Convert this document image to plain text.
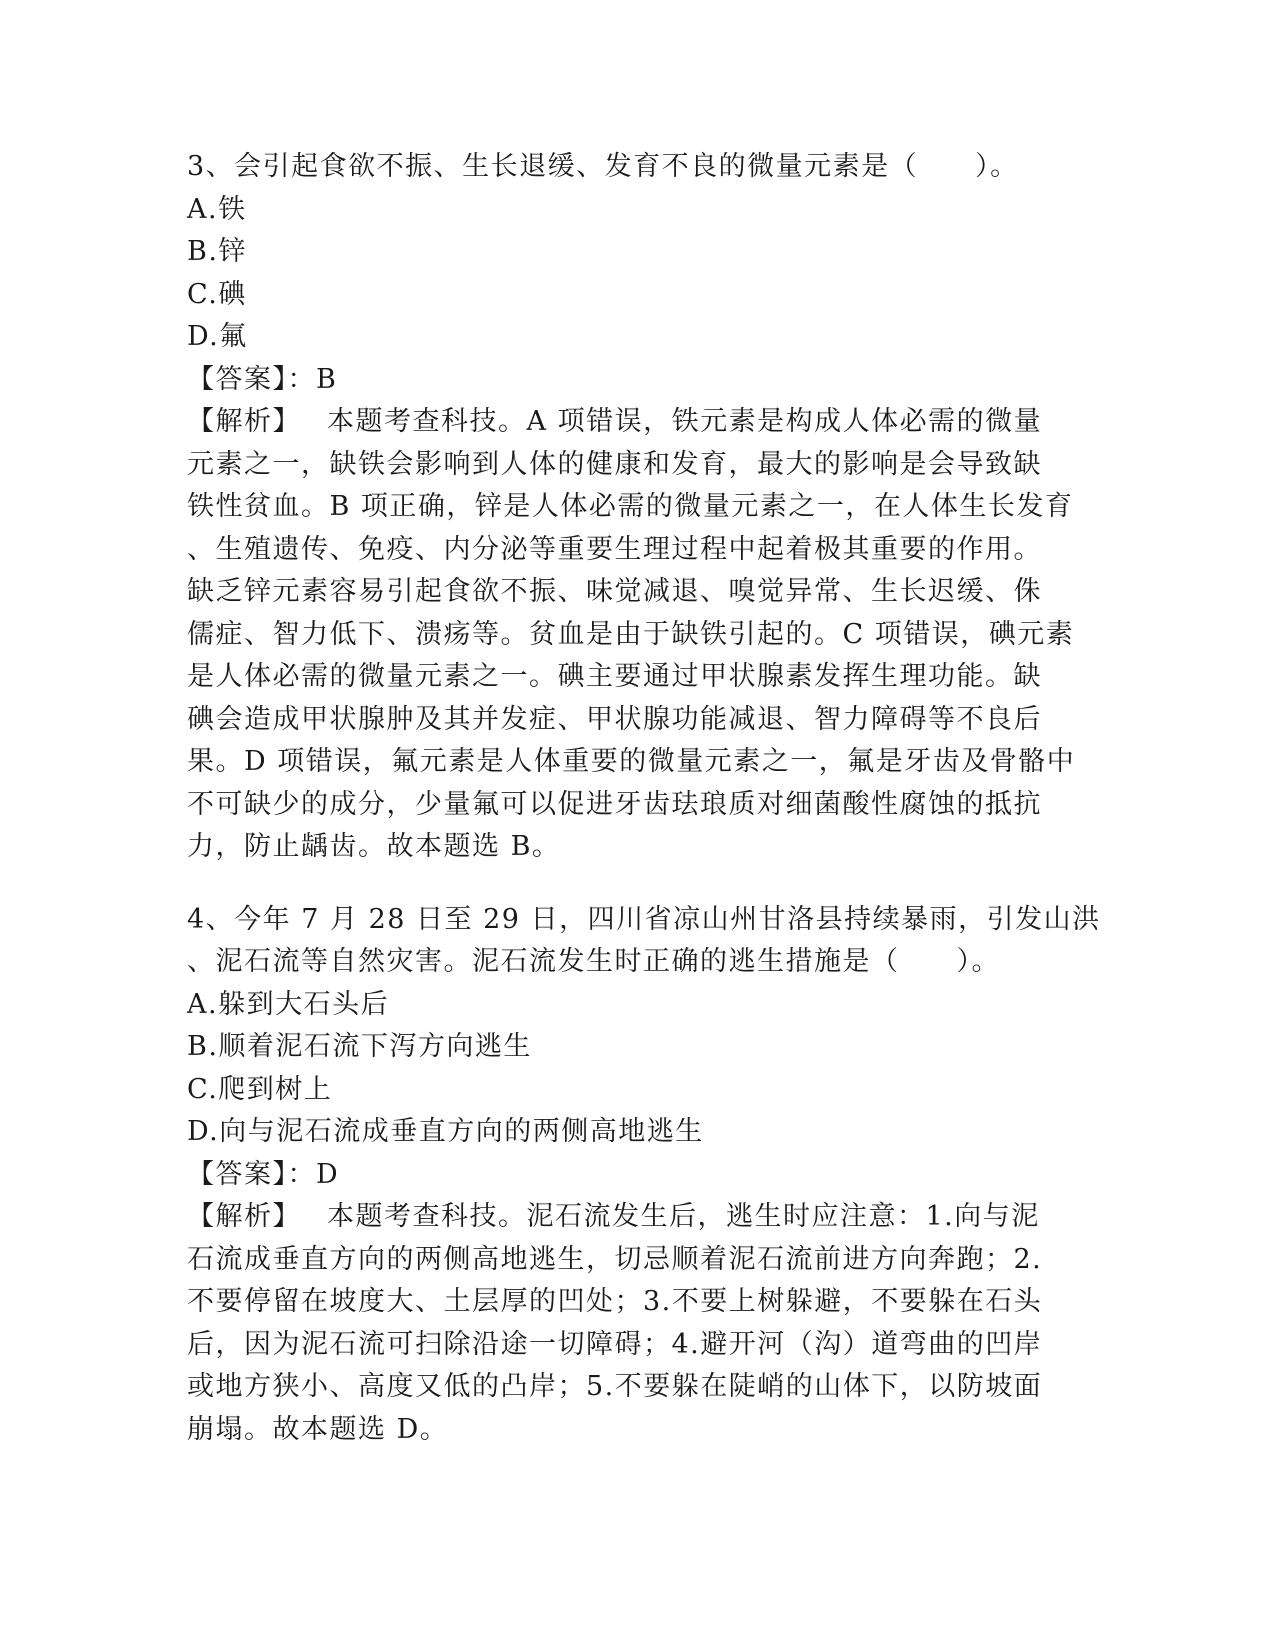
3、会引起食欲不振、生长退缓、发育不良的微量元素是（　　）。
A.铁
B.锌
C.碘
D.氟
【答案】：B
【解析】 本题考查科技。A 项错误，铁元素是构成人体必需的微量
元素之一，缺铁会影响到人体的健康和发育，最大的影响是会导致缺
铁性贫血。B 项正确，锌是人体必需的微量元素之一，在人体生长发育
、生殖遗传、免疫、内分泌等重要生理过程中起着极其重要的作用。
缺乏锌元素容易引起食欲不振、味觉减退、嗅觉异常、生长迟缓、侏
儒症、智力低下、溃疡等。贫血是由于缺铁引起的。C 项错误，碘元素
是人体必需的微量元素之一。碘主要通过甲状腺素发挥生理功能。缺
碘会造成甲状腺肿及其并发症、甲状腺功能减退、智力障碍等不良后
果。D 项错误，氟元素是人体重要的微量元素之一，氟是牙齿及骨骼中
不可缺少的成分，少量氟可以促进牙齿珐琅质对细菌酸性腐蚀的抵抗
力，防止龋齿。故本题选 B。
4、今年 7 月 28 日至 29 日，四川省凉山州甘洛县持续暴雨，引发山洪
、泥石流等自然灾害。泥石流发生时正确的逃生措施是（　　）。
A.躲到大石头后
B.顺着泥石流下泻方向逃生
C.爬到树上
D.向与泥石流成垂直方向的两侧高地逃生
【答案】：D
【解析】 本题考查科技。泥石流发生后，逃生时应注意：1.向与泥
石流成垂直方向的两侧高地逃生，切忌顺着泥石流前进方向奔跑；2.
不要停留在坡度大、土层厚的凹处；3.不要上树躲避，不要躲在石头
后，因为泥石流可扫除沿途一切障碍；4.避开河（沟）道弯曲的凹岸
或地方狭小、高度又低的凸岸；5.不要躲在陡峭的山体下，以防坡面
崩塌。故本题选 D。
